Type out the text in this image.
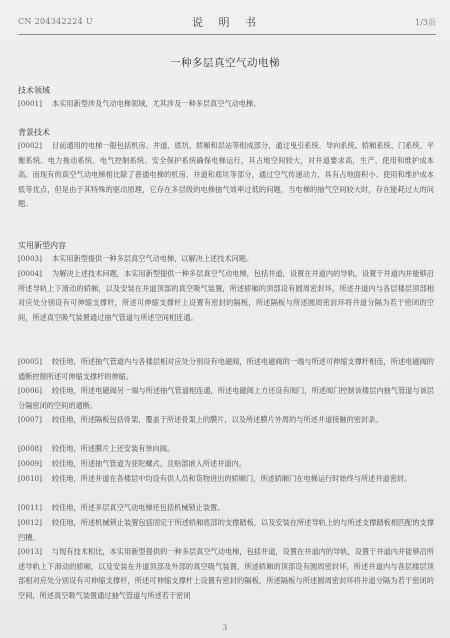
CN 204342224 U	说 明 书	1/3页
一种多层真空气动电梯
技术领域
[0001] 本实用新型涉及气动电梯领域，尤其涉及一种多层真空气动电梯。
背景技术
[0002] 目前通用的电梯一般包括机房、井道、底坑、轿厢和层站等组成部分，通过曳引系统、导向系统、轿厢系统、门系统、平衡系统、电力拖动系统、电气控制系统、安全保护系统确保电梯运行，其占地空间较大，对井道要求高，生产、使用和维护成本高。而现有的真空气动电梯相比除了普通电梯的机房、井道和底坑等部分，通过空气传递动力，具有占地面积小、使用和维护成本低等优点，但是由于其特殊的驱动原理，它存在多层级的电梯抽气效率过低的问题，当电梯的抽气空间较大时，存在能耗过大的问题。
实用新型内容
[0003] 本实用新型提供一种多层真空气动电梯，以解决上述技术问题。
[0004] 为解决上述技术问题，本实用新型提供一种多层真空气动电梯，包括井道，设置在井道内的导轨，设置于井道内并能够沿所述导轨上下滑动的轿厢，以及安装在井道顶部的真空吸气装置，所述轿厢的顶部设有圆周密封环，所述井道内与各层楼层顶部相对应处分别设有可伸缩支撑杆，所述可伸缩支撑杆上设置有密封的隔板，所述隔板与所述圆周密封环将井道分隔为若干密闭的空间，所述真空吸气装置通过抽气管道与所述空间相连通。
[0005] 较佳地，所述抽气管道内与各楼层相对应处分别设有电磁阀，所述电磁阀的一端与所述可伸缩支撑杆相连，所述电磁阀的通断控制所述可伸缩支撑杆的伸缩。
[0006] 较佳地，所述电磁阀另一端与所述抽气管道相连通，所述电磁阀上方还设有阀门，所述阀门控制该楼层内抽气管道与该层分隔密闭的空间的通断。
[0007] 较佳地，所述隔板包括骨架，覆盖于所述骨架上的膜片，以及所述膜片外周的与所述井道接触的密封条。
[0008] 较佳地，所述膜片上还安装有单向阀。
[0009] 较佳地，所述抽气管道为亚陀螺式，且贴部嵌入所述井道内。
[0010] 较佳地，所述井道在各楼层中均设有供人员和货物进出的轿厢门，所述轿厢门在电梯运行时始终与所述井道密封。
[0011] 较佳地，所述多层真空气动电梯还包括机械锁止装置。
[0012] 较佳地，所述机械锁止装置包括固定于所述轿厢底部的支撑踏板，以及安装在所述导轨上的与所述支撑踏板相匹配的支撑凹槽。
[0013] 与现有技术相比，本实用新型提供的一种多层真空气动电梯，包括井道，设置在井道内的导轨，设置于井道内并能够沿所述导轨上下滑动的轿厢，以及安装在井道顶部及外部的真空吸气装置，所述轿厢的顶部设有圆周密封环，所述井道内与各层楼层顶部相对应处分别设有可伸缩支撑杆，所述可伸缩支撑杆上设置有密封的隔板，所述隔板与所述圆周密封环将井道分隔为若干密闭的空间，所述真空吸气装置通过抽气管道与所述若干密闭
3
